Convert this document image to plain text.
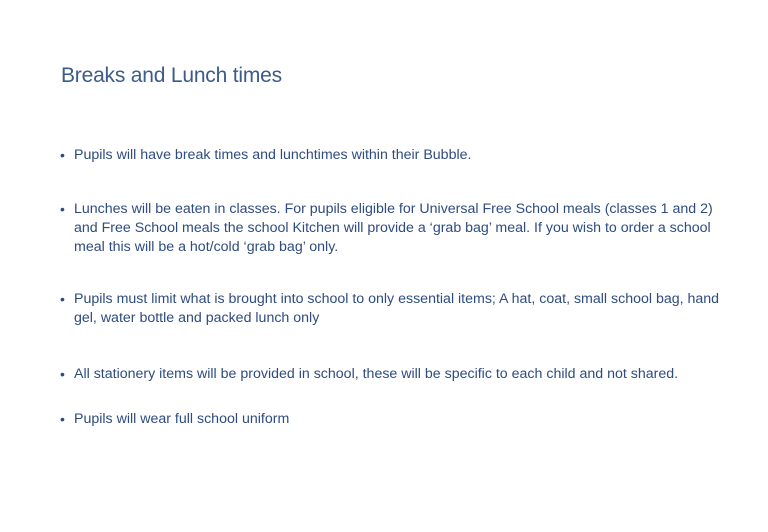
Breaks and Lunch times
• Pupils will have break times and lunchtimes within their Bubble.
• Lunches will be eaten in classes. For pupils eligible for Universal Free School meals (classes 1 and 2) and Free School meals the school Kitchen will provide a ‘grab bag’ meal. If you wish to order a school meal this will be a hot/cold ‘grab bag’ only.
• Pupils must limit what is brought into school to only essential items; A hat, coat, small school bag, hand gel, water bottle and packed lunch only
• All stationery items will be provided in school, these will be specific to each child and not shared.
• Pupils will wear full school uniform
